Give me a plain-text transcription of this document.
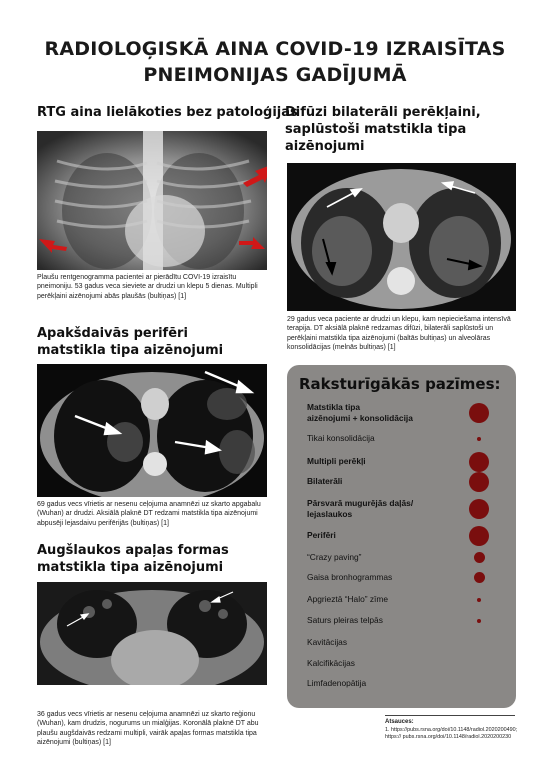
RADIOLOĢISKĀ AINA COVID-19 IZRAISĪTAS
PNEIMONIJAS GADĪJUMĀ
RTG aina lielākoties bez patoloģijas
Plaušu rentgenogramma pacientei ar pierādītu COVI-19 izraisītu pneimoniju. 53 gadus veca sieviete ar drudzi un klepu 5 dienas. Multipli perēkļaini aizēnojumi abās plaušās (bultiņas) [1]
Difūzi bilaterāli perēkļaini,
saplūstoši matstikla tipa
aizēnojumi
29 gadus veca paciente ar drudzi un klepu, kam nepieciešama intensīvā terapija. DT aksiālā plaknē redzamas difūzi, bilaterāli saplūstoši un perēkļaini matstikla tipa aizēnojumi (baltās bultiņas) un alveolāras konsolidācijas (melnās bultiņas) [1]
Apakšdaivās perifēri
matstikla tipa aizēnojumi
69 gadus vecs vīrietis ar nesenu ceļojuma anamnēzi uz skarto apgabalu (Wuhan) ar drudzi. Aksiālā plaknē DT redzami matstikla tipa aizēnojumi abpusēji lejasdaivu perifērijās (bultiņas) [1]
Augšlaukos apaļas formas
matstikla tipa aizēnojumi
36 gadus vecs vīrietis ar nesenu ceļojuma anamnēzi uz skarto reģionu (Wuhan), kam drudzis, nogurums un mialģijas. Koronālā plaknē DT abu plaušu augšdaivās redzami multipli, vairāk apaļas formas matstikla tipa aizēnojumi (bultiņas) [1]
Raksturīgākās pazīmes:
Matstikla tipa
aizēnojumi + konsolidācija
Tikai konsolidācija
Multipli perēkļi
Bilaterāli
Pārsvarā mugurējās daļās/
lejaslaukos
Perifēri
“Crazy paving”
Gaisa bronhogrammas
Apgrieztā “Halo” zīme
Saturs pleiras telpās
Kavitācijas
Kalcifikācijas
Limfadenopātija
Atsauces:
1. https://pubs.rsna.org/doi/10.1148/radiol.2020200490; https:// pubs.rsna.org/doi/10.1148/radiol.2020200230
